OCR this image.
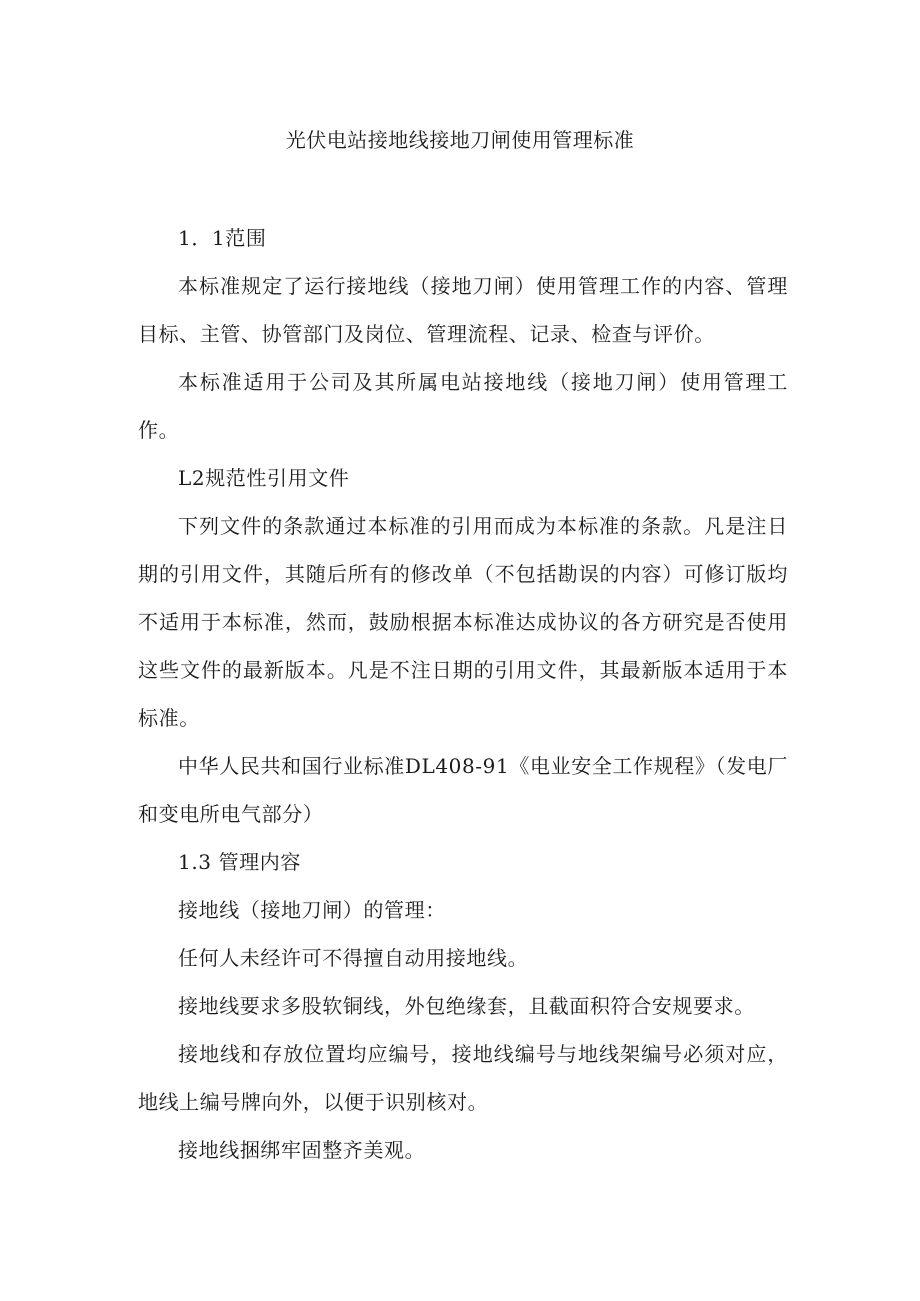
光伏电站接地线接地刀闸使用管理标准

1．1范围

本标准规定了运行接地线（接地刀闸）使用管理工作的内容、管理目标、主管、协管部门及岗位、管理流程、记录、检查与评价。

本标准适用于公司及其所属电站接地线（接地刀闸）使用管理工作。

L2规范性引用文件

下列文件的条款通过本标准的引用而成为本标准的条款。凡是注日期的引用文件，其随后所有的修改单（不包括勘误的内容）可修订版均不适用于本标准，然而，鼓励根据本标准达成协议的各方研究是否使用这些文件的最新版本。凡是不注日期的引用文件，其最新版本适用于本标准。

中华人民共和国行业标准DL408-91《电业安全工作规程》（发电厂和变电所电气部分）

1.3 管理内容

接地线（接地刀闸）的管理：

任何人未经许可不得擅自动用接地线。

接地线要求多股软铜线，外包绝缘套，且截面积符合安规要求。

接地线和存放位置均应编号，接地线编号与地线架编号必须对应，地线上编号牌向外，以便于识别核对。

接地线捆绑牢固整齐美观。
